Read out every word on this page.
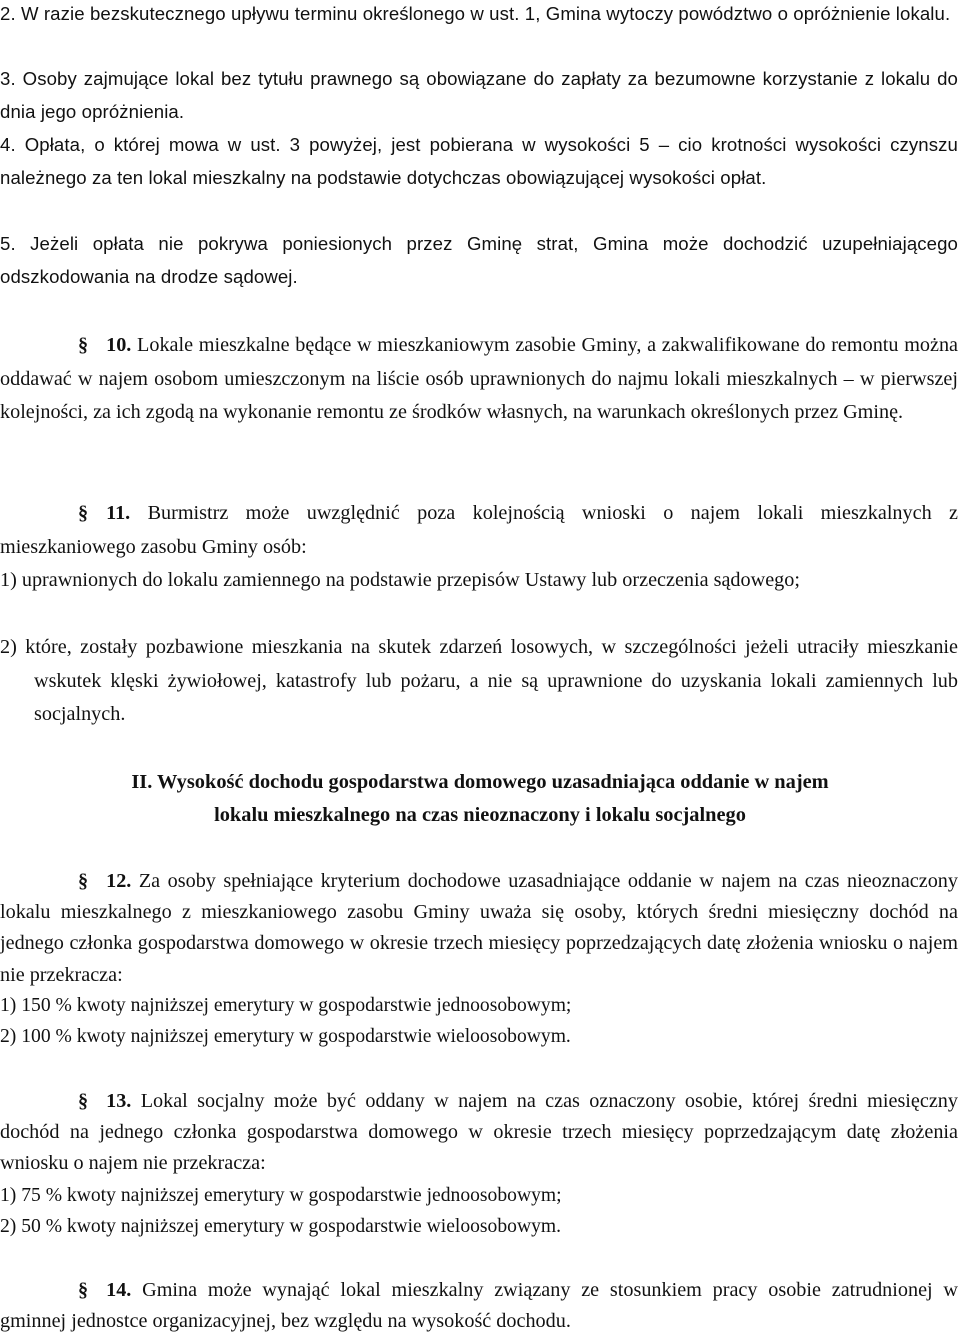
2. W razie bezskutecznego upływu terminu określonego w ust. 1, Gmina wytoczy powództwo o opróżnienie lokalu.

3. Osoby zajmujące lokal bez tytułu prawnego są obowiązane do zapłaty za bezumowne korzystanie z lokalu do dnia jego opróżnienia.

4. Opłata, o której mowa w ust. 3 powyżej, jest pobierana w wysokości 5 – cio krotności wysokości czynszu należnego za ten lokal mieszkalny na podstawie dotychczas obowiązującej wysokości opłat.

5. Jeżeli opłata nie pokrywa poniesionych przez Gminę strat, Gmina może dochodzić uzupełniającego odszkodowania na drodze sądowej.

§ 10. Lokale mieszkalne będące w mieszkaniowym zasobie Gminy, a zakwalifikowane do remontu można oddawać w najem osobom umieszczonym na liście osób uprawnionych do najmu lokali mieszkalnych – w pierwszej kolejności, za ich zgodą na wykonanie remontu ze środków własnych, na warunkach określonych przez Gminę.

§ 11. Burmistrz może uwzględnić poza kolejnością wnioski o najem lokali mieszkalnych z mieszkaniowego zasobu Gminy osób:

1) uprawnionych do lokalu zamiennego na podstawie przepisów Ustawy lub orzeczenia sądowego;

2) które, zostały pozbawione mieszkania na skutek zdarzeń losowych, w szczególności jeżeli utraciły mieszkanie wskutek klęski żywiołowej, katastrofy lub pożaru, a nie są uprawnione do uzyskania lokali zamiennych lub socjalnych.

II. Wysokość dochodu gospodarstwa domowego uzasadniająca oddanie w najem

lokalu mieszkalnego na czas nieoznaczony i lokalu socjalnego

§ 12. Za osoby spełniające kryterium dochodowe uzasadniające oddanie w najem na czas nieoznaczony lokalu mieszkalnego z mieszkaniowego zasobu Gminy uważa się osoby, których średni miesięczny dochód na jednego członka gospodarstwa domowego w okresie trzech miesięcy poprzedzających datę złożenia wniosku o najem nie przekracza:

1) 150 % kwoty najniższej emerytury w gospodarstwie jednoosobowym;

2) 100 % kwoty najniższej emerytury w gospodarstwie wieloosobowym.

§ 13. Lokal socjalny może być oddany w najem na czas oznaczony osobie, której średni miesięczny dochód na jednego członka gospodarstwa domowego w okresie trzech miesięcy poprzedzającym datę złożenia wniosku o najem nie przekracza:

1) 75 % kwoty najniższej emerytury w gospodarstwie jednoosobowym;

2) 50 % kwoty najniższej emerytury w gospodarstwie wieloosobowym.

§ 14. Gmina może wynająć lokal mieszkalny związany ze stosunkiem pracy osobie zatrudnionej w gminnej jednostce organizacyjnej, bez względu na wysokość dochodu.
